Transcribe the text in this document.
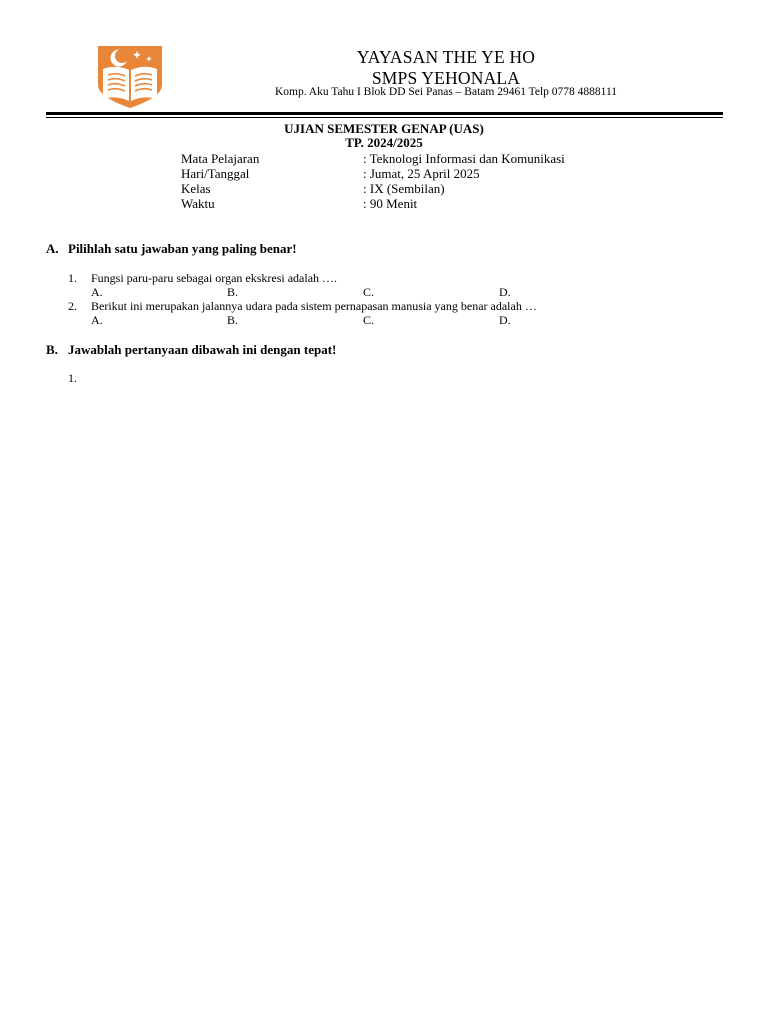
YAYASAN THE YE HO
SMPS YEHONALA
Komp. Aku Tahu I Blok DD Sei Panas – Batam 29461 Telp 0778 4888111
UJIAN SEMESTER GENAP (UAS)
TP. 2024/2025
Mata Pelajaran	: Teknologi Informasi dan Komunikasi
Hari/Tanggal	: Jumat, 25 April 2025
Kelas	: IX (Sembilan)
Waktu	: 90 Menit
A. Pilihlah satu jawaban yang paling benar!
1. Fungsi paru-paru sebagai organ ekskresi adalah ….
A.	B.	C.	D.
2. Berikut ini merupakan jalannya udara pada sistem pernapasan manusia yang benar adalah …
A.	B.	C.	D.
B. Jawablah pertanyaan dibawah ini dengan tepat!
1.
